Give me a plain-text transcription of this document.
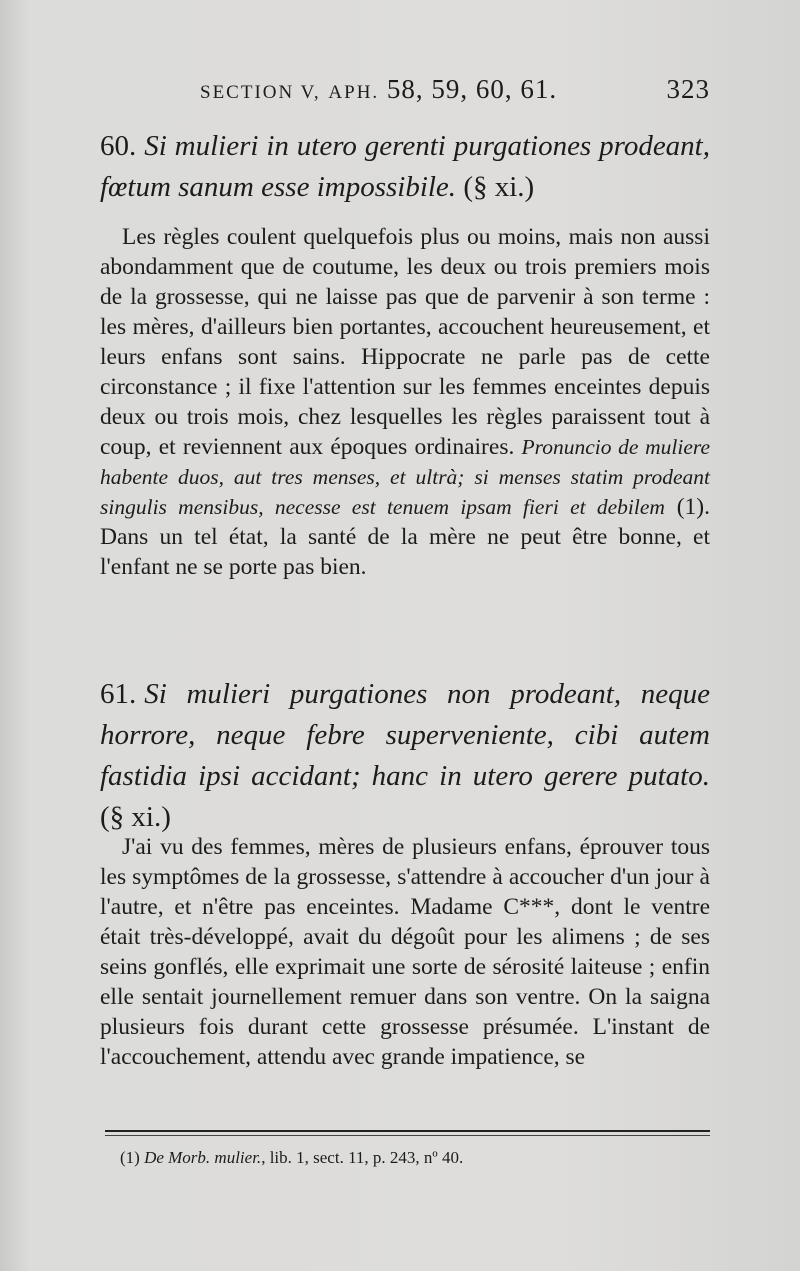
SECTION V, APH. 58, 59, 60, 61.	323

60. Si mulieri in utero gerenti purgationes prodeant, fœtum sanum esse impossibile. (§ xi.)

Les règles coulent quelquefois plus ou moins, mais non aussi abondamment que de coutume, les deux ou trois premiers mois de la grossesse, qui ne laisse pas que de parvenir à son terme : les mères, d'ailleurs bien portantes, accouchent heureusement, et leurs enfans sont sains. Hippocrate ne parle pas de cette circonstance ; il fixe l'attention sur les femmes enceintes depuis deux ou trois mois, chez lesquelles les règles paraissent tout à coup, et reviennent aux époques ordinaires. Pronuncio de muliere habente duos, aut tres menses, et ultrà; si menses statim prodeant singulis mensibus, necesse est tenuem ipsam fieri et debilem (1). Dans un tel état, la santé de la mère ne peut être bonne, et l'enfant ne se porte pas bien.

61. Si mulieri purgationes non prodeant, neque horrore, neque febre superveniente, cibi autem fastidia ipsi accidant; hanc in utero gerere putato. (§ xi.)

J'ai vu des femmes, mères de plusieurs enfans, éprouver tous les symptômes de la grossesse, s'attendre à accoucher d'un jour à l'autre, et n'être pas enceintes. Madame C***, dont le ventre était très-développé, avait du dégoût pour les alimens ; de ses seins gonflés, elle exprimait une sorte de sérosité laiteuse ; enfin elle sentait journellement remuer dans son ventre. On la saigna plusieurs fois durant cette grossesse présumée. L'instant de l'accouchement, attendu avec grande impatience, se

(1) De Morb. mulier., lib. 1, sect. 11, p. 243, nº 40.
